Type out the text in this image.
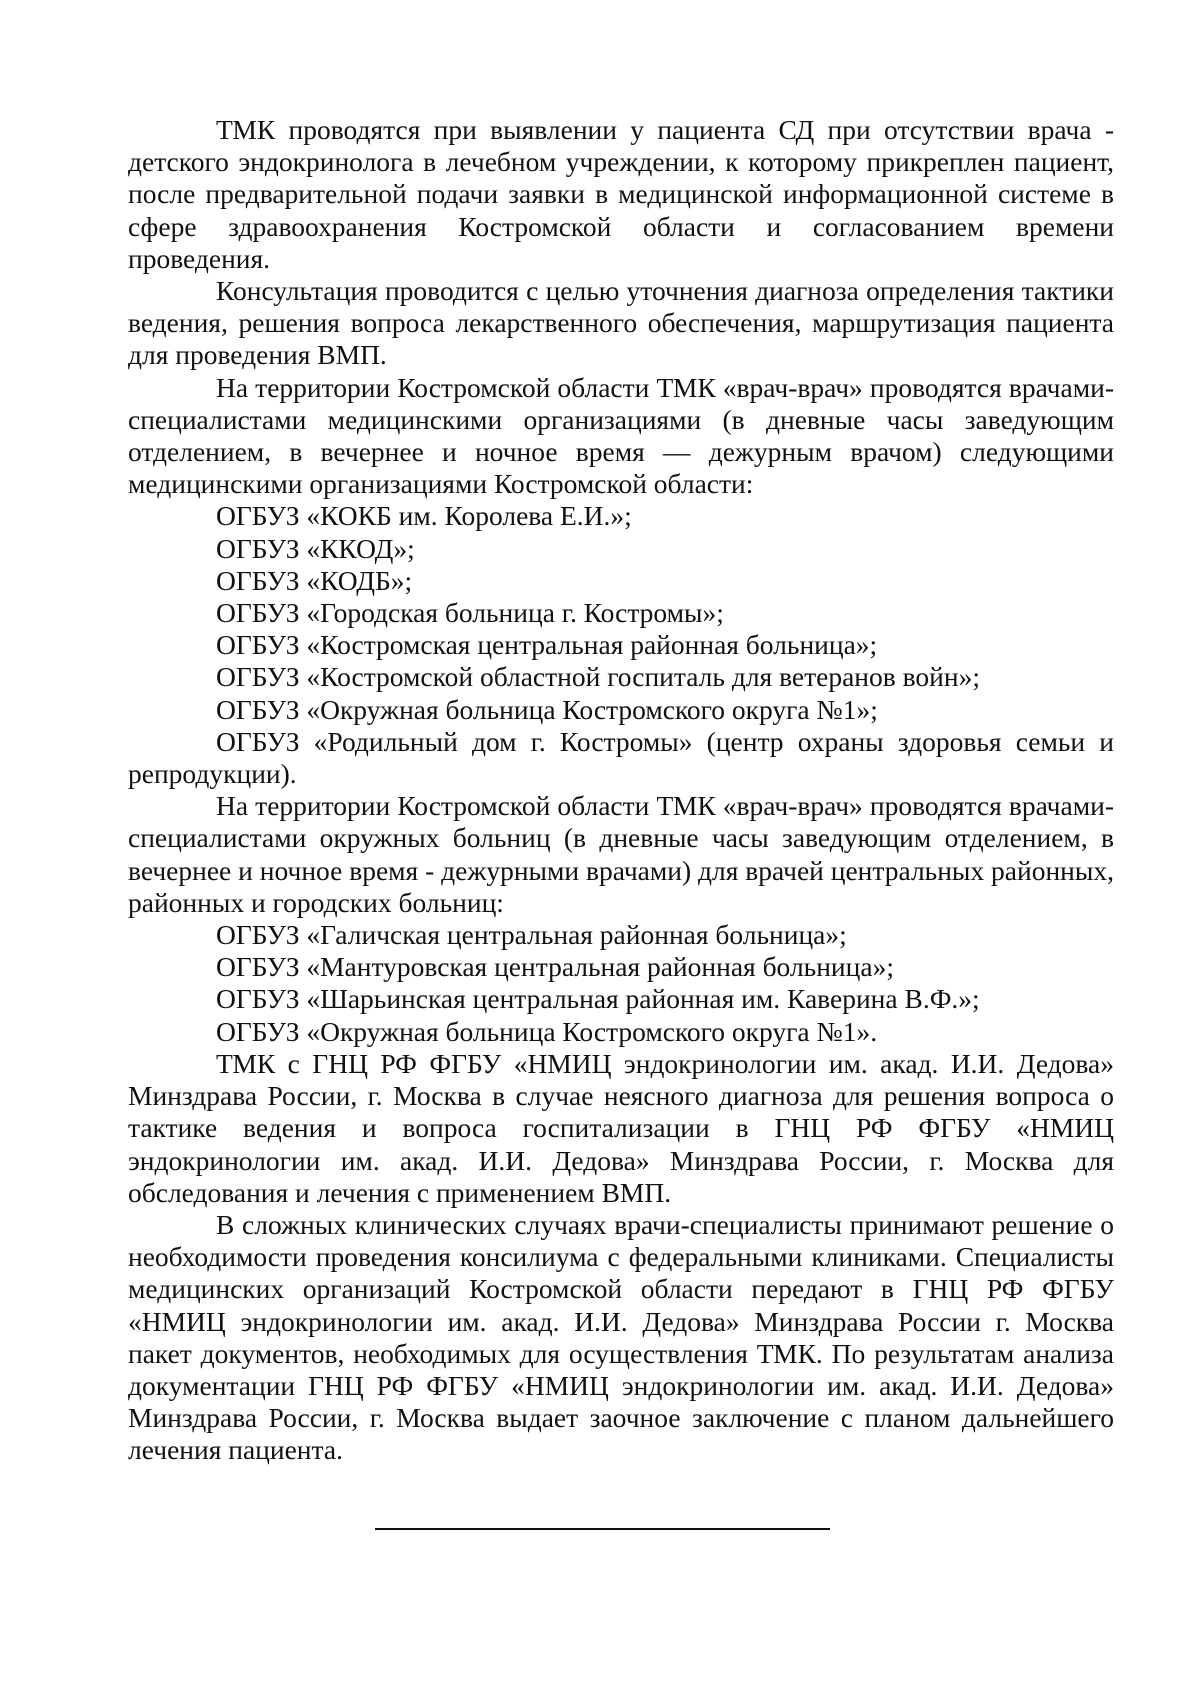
ТМК проводятся при выявлении у пациента СД при отсутствии врача - детского эндокринолога в лечебном учреждении, к которому прикреплен пациент, после предварительной подачи заявки в медицинской информационной системе в сфере здравоохранения Костромской области и согласованием времени проведения.

Консультация проводится с целью уточнения диагноза определения тактики ведения, решения вопроса лекарственного обеспечения, маршрутизация пациента для проведения ВМП.

На территории Костромской области ТМК «врач-врач» проводятся врачами-специалистами медицинскими организациями (в дневные часы заведующим отделением, в вечернее и ночное время — дежурным врачом) следующими медицинскими организациями Костромской области:

ОГБУЗ «КОКБ им. Королева Е.И.»;

ОГБУЗ «ККОД»;

ОГБУЗ «КОДБ»;

ОГБУЗ «Городская больница г. Костромы»;

ОГБУЗ «Костромская центральная районная больница»;

ОГБУЗ «Костромской областной госпиталь для ветеранов войн»;

ОГБУЗ «Окружная больница Костромского округа №1»;

ОГБУЗ «Родильный дом г. Костромы» (центр охраны здоровья семьи и репродукции).

На территории Костромской области ТМК «врач-врач» проводятся врачами-специалистами окружных больниц (в дневные часы заведующим отделением, в вечернее и ночное время - дежурными врачами) для врачей центральных районных, районных и городских больниц:

ОГБУЗ «Галичская центральная районная больница»;

ОГБУЗ «Мантуровская центральная районная больница»;

ОГБУЗ «Шарьинская центральная районная им. Каверина В.Ф.»;

ОГБУЗ «Окружная больница Костромского округа №1».

ТМК с ГНЦ РФ ФГБУ «НМИЦ эндокринологии им. акад. И.И. Дедова» Минздрава России, г. Москва в случае неясного диагноза для решения вопроса о тактике ведения и вопроса госпитализации в ГНЦ РФ ФГБУ «НМИЦ эндокринологии им. акад. И.И. Дедова» Минздрава России, г. Москва для обследования и лечения с применением ВМП.

В сложных клинических случаях врачи-специалисты принимают решение о необходимости проведения консилиума с федеральными клиниками. Специалисты медицинских организаций Костромской области передают в ГНЦ РФ ФГБУ «НМИЦ эндокринологии им. акад. И.И. Дедова» Минздрава России г. Москва пакет документов, необходимых для осуществления ТМК. По результатам анализа документации ГНЦ РФ ФГБУ «НМИЦ эндокринологии им. акад. И.И. Дедова» Минздрава России, г. Москва выдает заочное заключение с планом дальнейшего лечения пациента.
